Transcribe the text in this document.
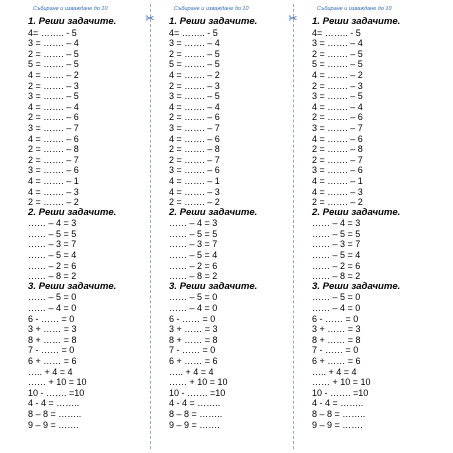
✂	✂
Събиране и изваждане до 10
1. Реши задачите.
4= …….. - 5
3 = ……. – 4
2 = ……. – 5
5 = ……. – 5
4 = ……. – 2
2 = ……. – 3
3 = ……. – 5
4 = ……. – 4
2 = ……. – 6
3 = ……. – 7
4 = ……. – 6
2 = ……. – 8
2 = ……. – 7
3 = ……. – 6
4 = ……. – 1
4 = ……. – 3
2 = ……. – 2
2. Реши задачите.
…… – 4 = 3
…… – 5 = 5
…… – 3 = 7
…… – 5 = 4
…… – 2 = 6
…… – 8 = 2
3. Реши задачите.
…… – 5 = 0
…… – 4 = 0
6 - …… = 0
3 + …… = 3
8 + …… = 8
7 - …… = 0
6 + …… = 6
….. + 4 = 4
…… + 10 = 10
10 - ……. =10
4 - 4 = ……..
8 – 8 = ……..
9 – 9 = …….
Събиране и изваждане до 10
1. Реши задачите.
4= …….. - 5
3 = ……. – 4
2 = ……. – 5
5 = ……. – 5
4 = ……. – 2
2 = ……. – 3
3 = ……. – 5
4 = ……. – 4
2 = ……. – 6
3 = ……. – 7
4 = ……. – 6
2 = ……. – 8
2 = ……. – 7
3 = ……. – 6
4 = ……. – 1
4 = ……. – 3
2 = ……. – 2
2. Реши задачите.
…… – 4 = 3
…… – 5 = 5
…… – 3 = 7
…… – 5 = 4
…… – 2 = 6
…… – 8 = 2
3. Реши задачите.
…… – 5 = 0
…… – 4 = 0
6 - …… = 0
3 + …… = 3
8 + …… = 8
7 - …… = 0
6 + …… = 6
….. + 4 = 4
…… + 10 = 10
10 - ……. =10
4 - 4 = ……..
8 – 8 = ……..
9 – 9 = …….
Събиране и изваждане до 10
1. Реши задачите.
4= …….. - 5
3 = ……. – 4
2 = ……. – 5
5 = ……. – 5
4 = ……. – 2
2 = ……. – 3
3 = ……. – 5
4 = ……. – 4
2 = ……. – 6
3 = ……. – 7
4 = ……. – 6
2 = ……. – 8
2 = ……. – 7
3 = ……. – 6
4 = ……. – 1
4 = ……. – 3
2 = ……. – 2
2. Реши задачите.
…… – 4 = 3
…… – 5 = 5
…… – 3 = 7
…… – 5 = 4
…… – 2 = 6
…… – 8 = 2
3. Реши задачите.
…… – 5 = 0
…… – 4 = 0
6 - …… = 0
3 + …… = 3
8 + …… = 8
7 - …… = 0
6 + …… = 6
….. + 4 = 4
…… + 10 = 10
10 - ……. =10
4 - 4 = ……..
8 – 8 = ……..
9 – 9 = …….
